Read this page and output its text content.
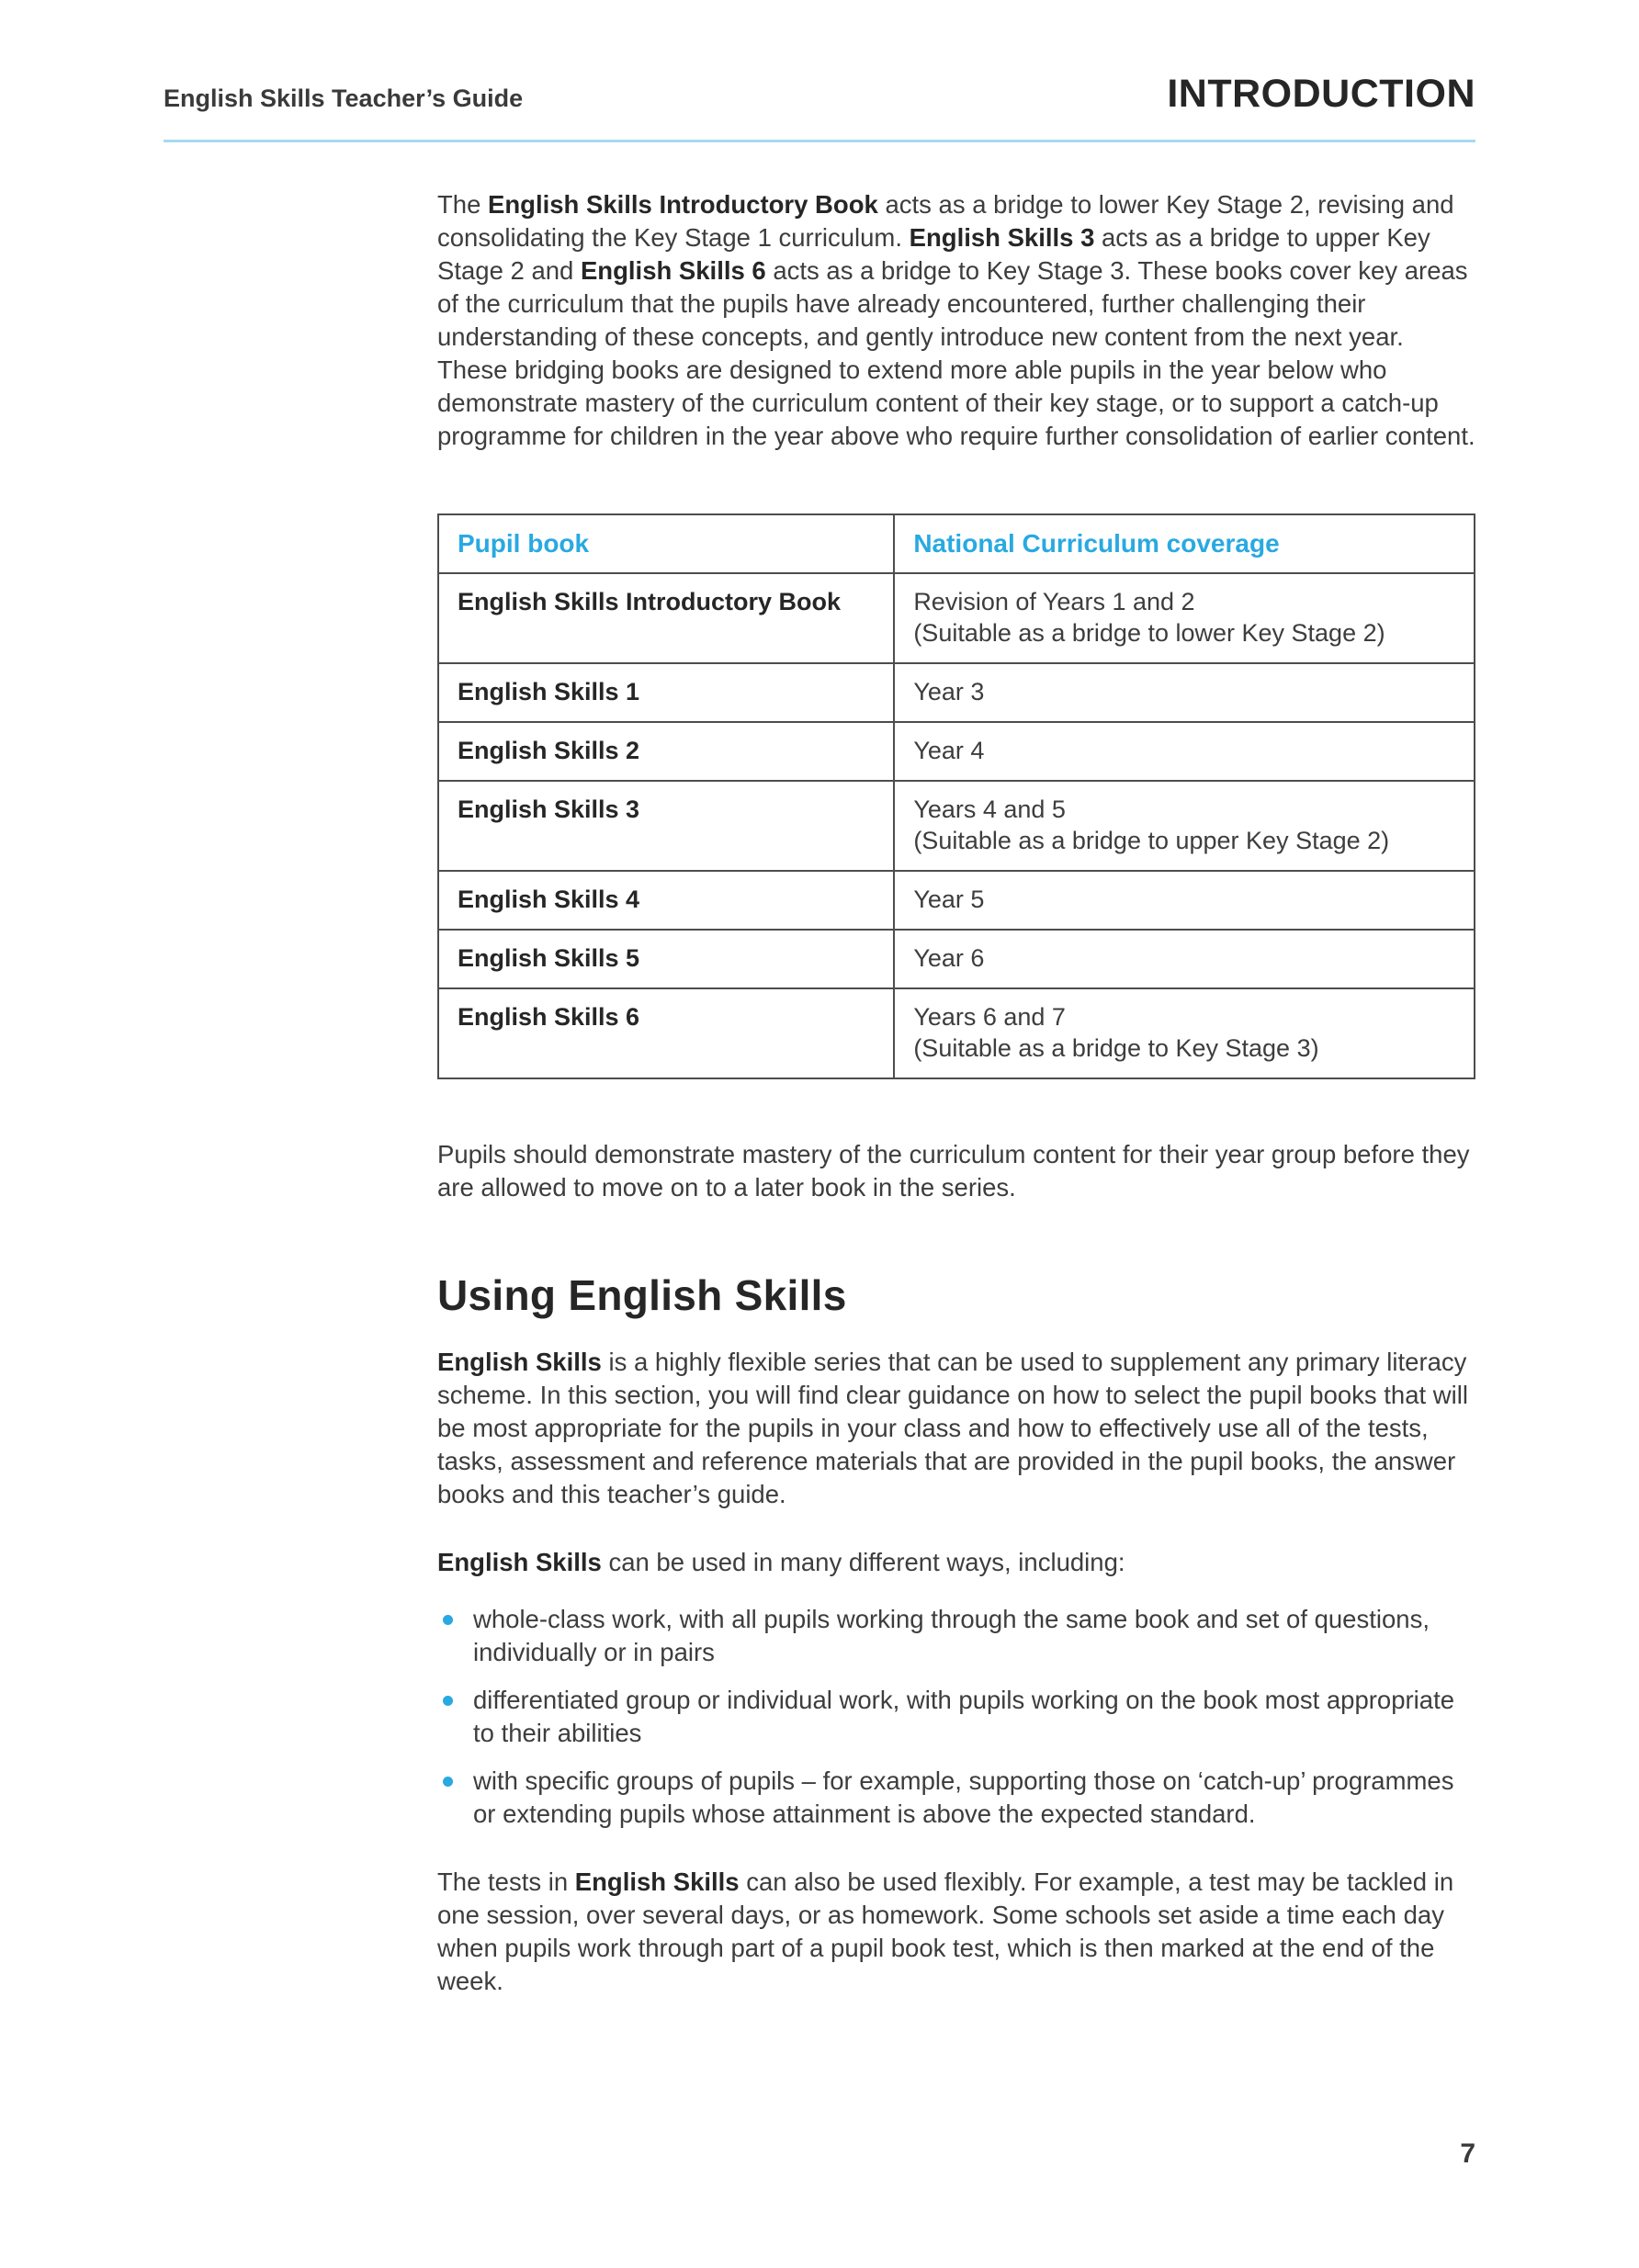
English Skills Teacher’s Guide	INTRODUCTION

The English Skills Introductory Book acts as a bridge to lower Key Stage 2, revising and consolidating the Key Stage 1 curriculum. English Skills 3 acts as a bridge to upper Key Stage 2 and English Skills 6 acts as a bridge to Key Stage 3. These books cover key areas of the curriculum that the pupils have already encountered, further challenging their understanding of these concepts, and gently introduce new content from the next year. These bridging books are designed to extend more able pupils in the year below who demonstrate mastery of the curriculum content of their key stage, or to support a catch-up programme for children in the year above who require further consolidation of earlier content.

Pupil book	National Curriculum coverage
English Skills Introductory Book	Revision of Years 1 and 2
(Suitable as a bridge to lower Key Stage 2)

English Skills 1	Year 3

English Skills 2	Year 4

English Skills 3	Years 4 and 5
(Suitable as a bridge to upper Key Stage 2)

English Skills 4	Year 5

English Skills 5	Year 6

English Skills 6	Years 6 and 7
(Suitable as a bridge to Key Stage 3)

Pupils should demonstrate mastery of the curriculum content for their year group before they are allowed to move on to a later book in the series.

Using English Skills

English Skills is a highly flexible series that can be used to supplement any primary literacy scheme. In this section, you will find clear guidance on how to select the pupil books that will be most appropriate for the pupils in your class and how to effectively use all of the tests, tasks, assessment and reference materials that are provided in the pupil books, the answer books and this teacher’s guide.

English Skills can be used in many different ways, including:

whole-class work, with all pupils working through the same book and set of questions, individually or in pairs
differentiated group or individual work, with pupils working on the book most appropriate to their abilities
with specific groups of pupils – for example, supporting those on ‘catch-up’ programmes or extending pupils whose attainment is above the expected standard.

The tests in English Skills can also be used flexibly. For example, a test may be tackled in one session, over several days, or as homework. Some schools set aside a time each day when pupils work through part of a pupil book test, which is then marked at the end of the week.

7
